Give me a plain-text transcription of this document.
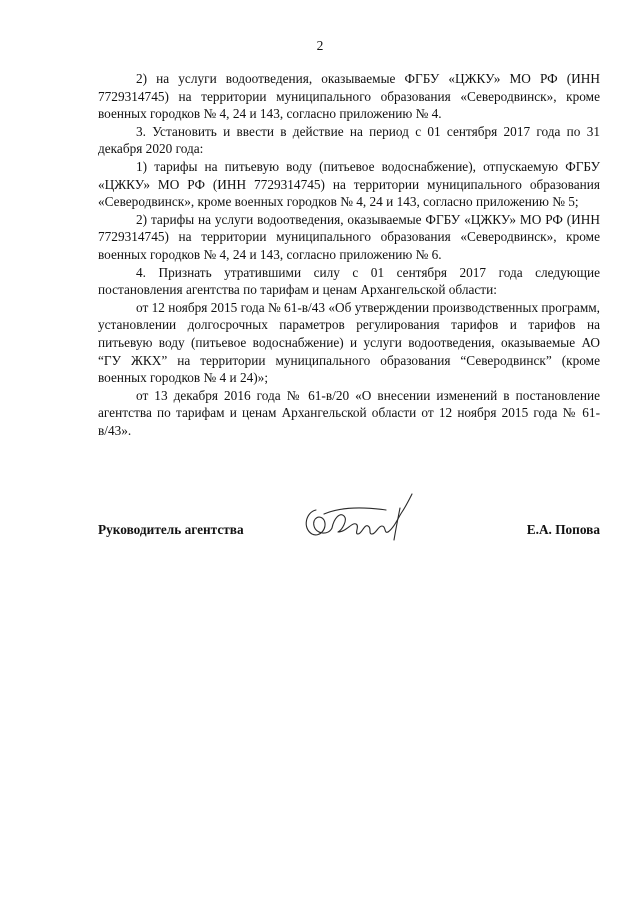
2

2) на услуги водоотведения, оказываемые ФГБУ «ЦЖКУ» МО РФ (ИНН 7729314745) на территории муниципального образования «Северодвинск», кроме военных городков № 4, 24 и 143, согласно приложению № 4.

3. Установить и ввести в действие на период с 01 сентября 2017 года по 31 декабря 2020 года:

1) тарифы на питьевую воду (питьевое водоснабжение), отпускаемую ФГБУ «ЦЖКУ» МО РФ (ИНН 7729314745) на территории муниципального образования «Северодвинск», кроме военных городков № 4, 24 и 143, согласно приложению № 5;

2) тарифы на услуги водоотведения, оказываемые ФГБУ «ЦЖКУ» МО РФ (ИНН 7729314745) на территории муниципального образования «Северодвинск», кроме военных городков № 4, 24 и 143, согласно приложению № 6.

4. Признать утратившими силу с 01 сентября 2017 года следующие постановления агентства по тарифам и ценам Архангельской области:

от 12 ноября 2015 года № 61-в/43 «Об утверждении производственных программ, установлении долгосрочных параметров регулирования тарифов и тарифов на питьевую воду (питьевое водоснабжение) и услуги водоотведения, оказываемые АО “ГУ ЖКХ” на территории муниципального образования “Северодвинск” (кроме военных городков № 4 и 24)»;

от 13 декабря 2016 года № 61-в/20 «О внесении изменений в постановление агентства по тарифам и ценам Архангельской области от 12 ноября 2015 года № 61-в/43».

Руководитель агентства	Е.А. Попова
